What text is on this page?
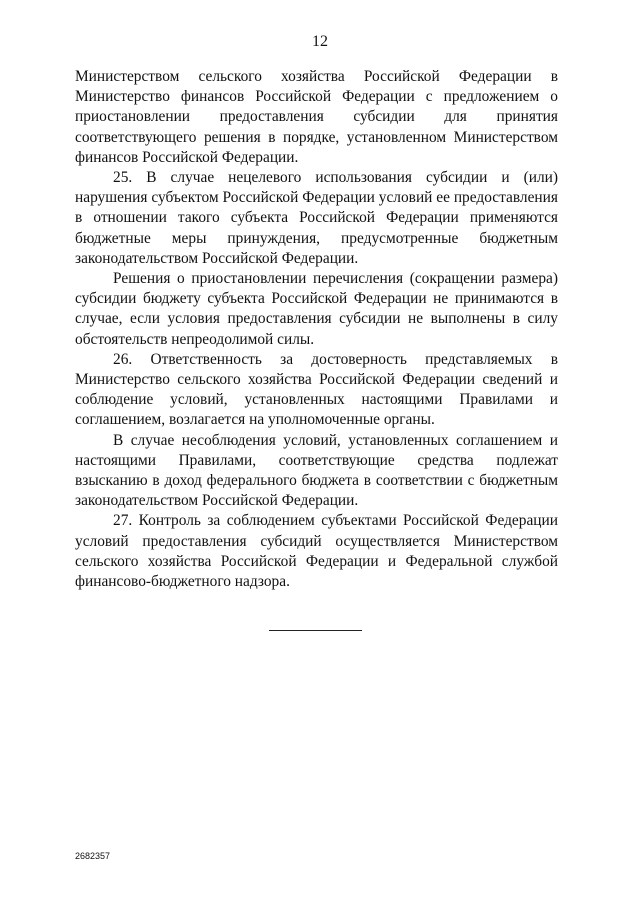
12

Министерством сельского хозяйства Российской Федерации в Министерство финансов Российской Федерации с предложением о приостановлении предоставления субсидии для принятия соответствующего решения в порядке, установленном Министерством финансов Российской Федерации.

25. В случае нецелевого использования субсидии и (или) нарушения субъектом Российской Федерации условий ее предоставления в отношении такого субъекта Российской Федерации применяются бюджетные меры принуждения, предусмотренные бюджетным законодательством Российской Федерации.

Решения о приостановлении перечисления (сокращении размера) субсидии бюджету субъекта Российской Федерации не принимаются в случае, если условия предоставления субсидии не выполнены в силу обстоятельств непреодолимой силы.

26. Ответственность за достоверность представляемых в Министерство сельского хозяйства Российской Федерации сведений и соблюдение условий, установленных настоящими Правилами и соглашением, возлагается на уполномоченные органы.

В случае несоблюдения условий, установленных соглашением и настоящими Правилами, соответствующие средства подлежат взысканию в доход федерального бюджета в соответствии с бюджетным законодательством Российской Федерации.

27. Контроль за соблюдением субъектами Российской Федерации условий предоставления субсидий осуществляется Министерством сельского хозяйства Российской Федерации и Федеральной службой финансово-бюджетного надзора.

2682357
